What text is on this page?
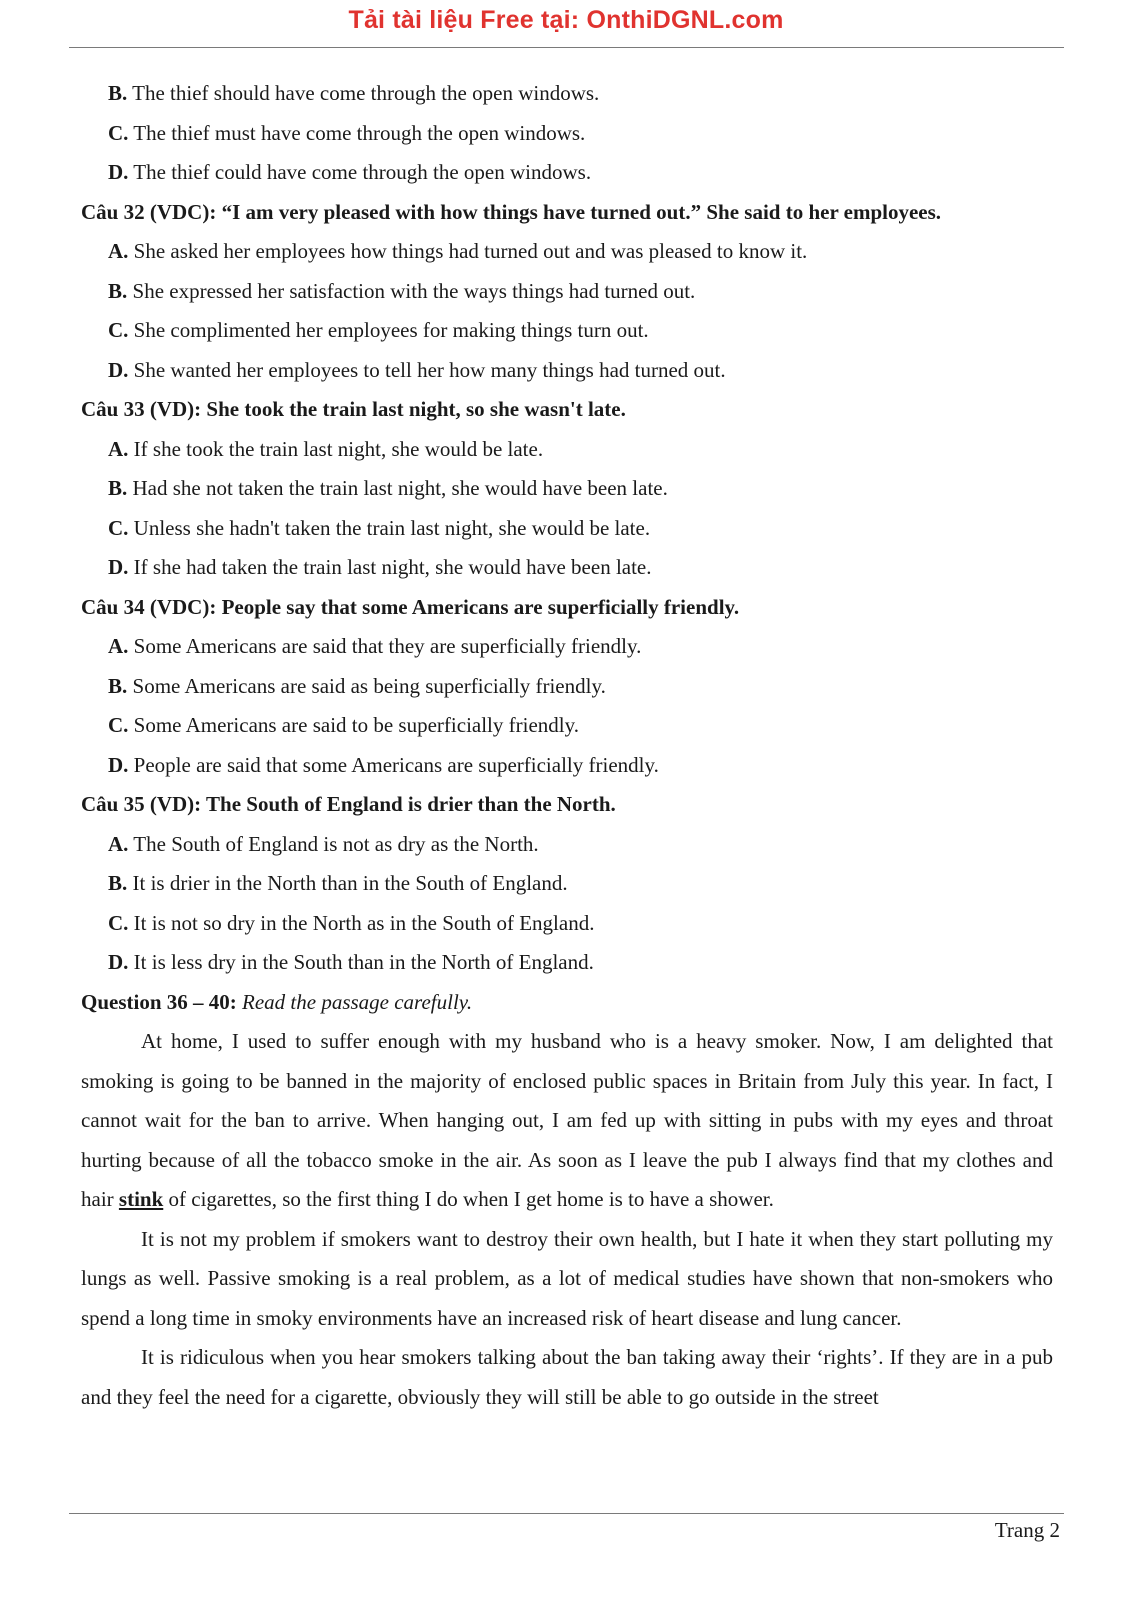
Tải tài liệu Free tại: OnthiDGNL.com

B. The thief should have come through the open windows.

C. The thief must have come through the open windows.

D. The thief could have come through the open windows.

Câu 32 (VDC): “I am very pleased with how things have turned out.” She said to her employees.

A. She asked her employees how things had turned out and was pleased to know it.

B. She expressed her satisfaction with the ways things had turned out.

C. She complimented her employees for making things turn out.

D. She wanted her employees to tell her how many things had turned out.

Câu 33 (VD): She took the train last night, so she wasn't late.

A. If she took the train last night, she would be late.

B. Had she not taken the train last night, she would have been late.

C. Unless she hadn't taken the train last night, she would be late.

D. If she had taken the train last night, she would have been late.

Câu 34 (VDC): People say that some Americans are superficially friendly.

A. Some Americans are said that they are superficially friendly.

B. Some Americans are said as being superficially friendly.

C. Some Americans are said to be superficially friendly.

D. People are said that some Americans are superficially friendly.

Câu 35 (VD): The South of England is drier than the North.

A. The South of England is not as dry as the North.

B. It is drier in the North than in the South of England.

C. It is not so dry in the North as in the South of England.

D. It is less dry in the South than in the North of England.

Question 36 – 40: Read the passage carefully.

At home, I used to suffer enough with my husband who is a heavy smoker. Now, I am delighted that smoking is going to be banned in the majority of enclosed public spaces in Britain from July this year. In fact, I cannot wait for the ban to arrive. When hanging out, I am fed up with sitting in pubs with my eyes and throat hurting because of all the tobacco smoke in the air. As soon as I leave the pub I always find that my clothes and hair stink of cigarettes, so the first thing I do when I get home is to have a shower.

It is not my problem if smokers want to destroy their own health, but I hate it when they start polluting my lungs as well. Passive smoking is a real problem, as a lot of medical studies have shown that non-smokers who spend a long time in smoky environments have an increased risk of heart disease and lung cancer.

It is ridiculous when you hear smokers talking about the ban taking away their ‘rights’. If they are in a pub and they feel the need for a cigarette, obviously they will still be able to go outside in the street

Trang 2
